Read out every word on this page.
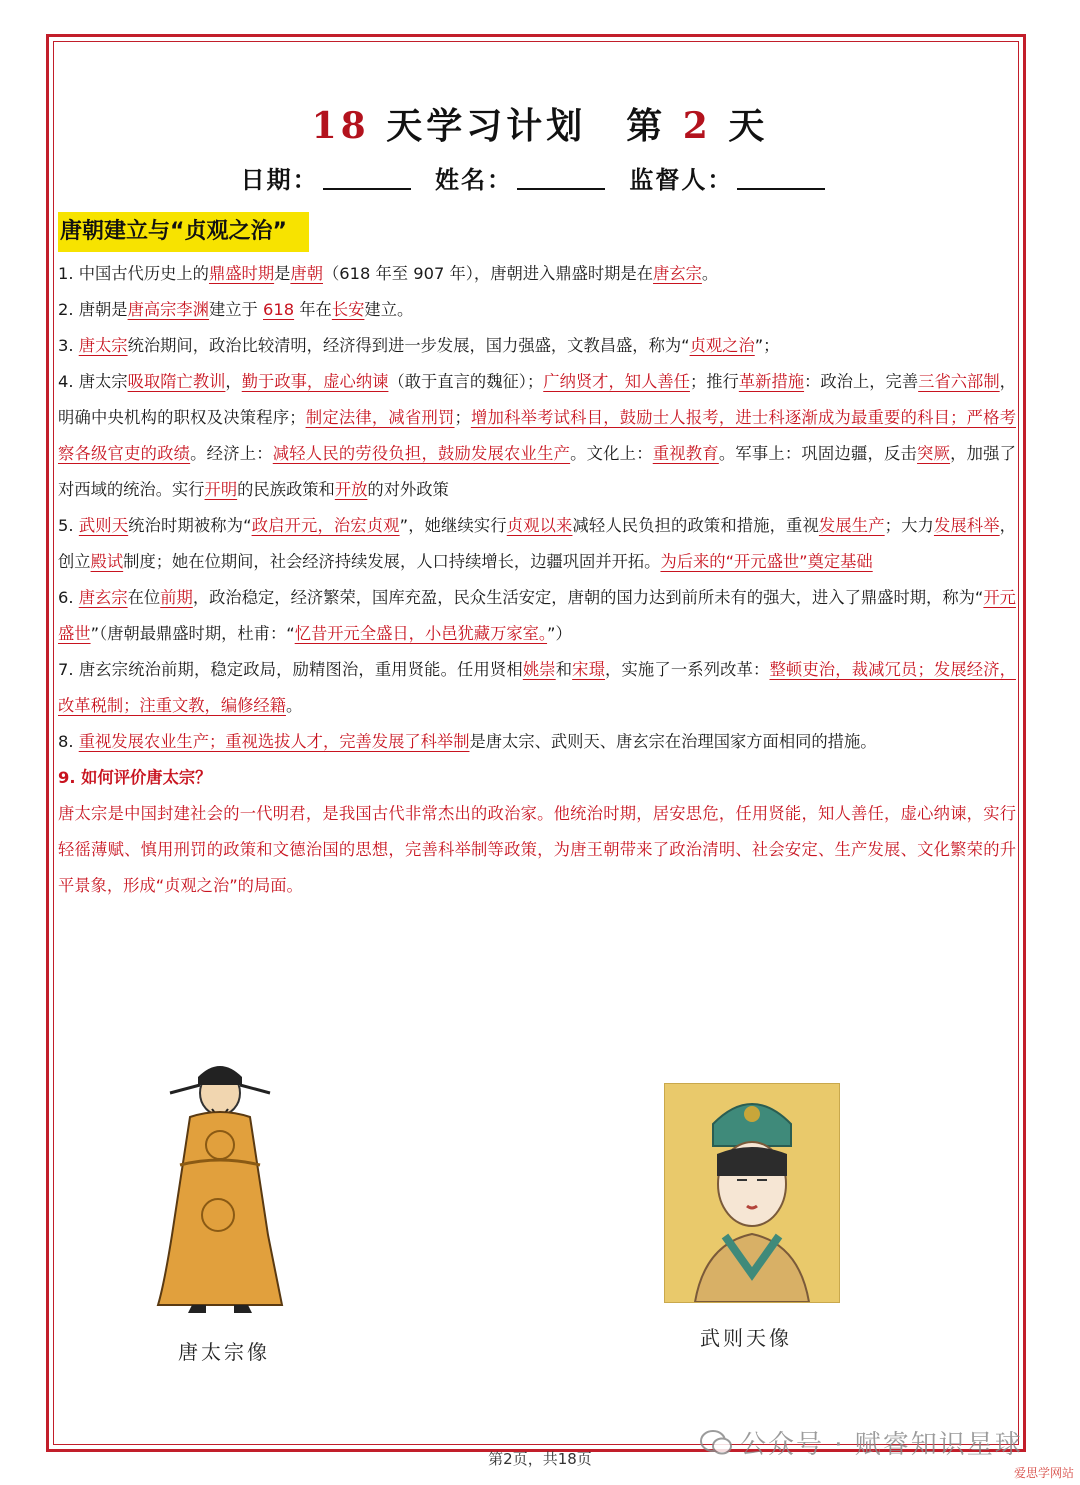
18 天学习计划 第 2 天
日期：	姓名：	监督人：
唐朝建立与“贞观之治”

1. 中国古代历史上的鼎盛时期是唐朝（618 年至 907 年），唐朝进入鼎盛时期是在唐玄宗。

2. 唐朝是唐高宗李渊建立于 618 年在长安建立。

3. 唐太宗统治期间，政治比较清明，经济得到进一步发展，国力强盛，文教昌盛，称为“贞观之治”；

4. 唐太宗吸取隋亡教训，勤于政事，虚心纳谏（敢于直言的魏征）；广纳贤才，知人善任；推行革新措施：政治上，完善三省六部制，明确中央机构的职权及决策程序；制定法律，减省刑罚；增加科举考试科目，鼓励士人报考，进士科逐渐成为最重要的科目；严格考察各级官吏的政绩。经济上：减轻人民的劳役负担，鼓励发展农业生产。文化上：重视教育。军事上：巩固边疆，反击突厥，加强了对西域的统治。实行开明的民族政策和开放的对外政策

5. 武则天统治时期被称为“政启开元，治宏贞观”，她继续实行贞观以来减轻人民负担的政策和措施，重视发展生产；大力发展科举，创立殿试制度；她在位期间，社会经济持续发展，人口持续增长，边疆巩固并开拓。为后来的“开元盛世”奠定基础

6. 唐玄宗在位前期，政治稳定，经济繁荣，国库充盈，民众生活安定，唐朝的国力达到前所未有的强大，进入了鼎盛时期，称为“开元盛世”（唐朝最鼎盛时期，杜甫：“忆昔开元全盛日，小邑犹藏万家室。”）

7. 唐玄宗统治前期，稳定政局，励精图治，重用贤能。任用贤相姚崇和宋璟，实施了一系列改革：整顿吏治，裁减冗员；发展经济，改革税制；注重文教，编修经籍。

8. 重视发展农业生产；重视选拔人才，完善发展了科举制是唐太宗、武则天、唐玄宗在治理国家方面相同的措施。

9. 如何评价唐太宗？

唐太宗是中国封建社会的一代明君，是我国古代非常杰出的政治家。他统治时期，居安思危，任用贤能，知人善任，虚心纳谏，实行轻徭薄赋、慎用刑罚的政策和文德治国的思想，完善科举制等政策，为唐王朝带来了政治清明、社会安定、生产发展、文化繁荣的升平景象，形成“贞观之治”的局面。

唐太宗像
武则天像
公众号 · 赋睿知识星球
第2页，共18页
爱思学网站
